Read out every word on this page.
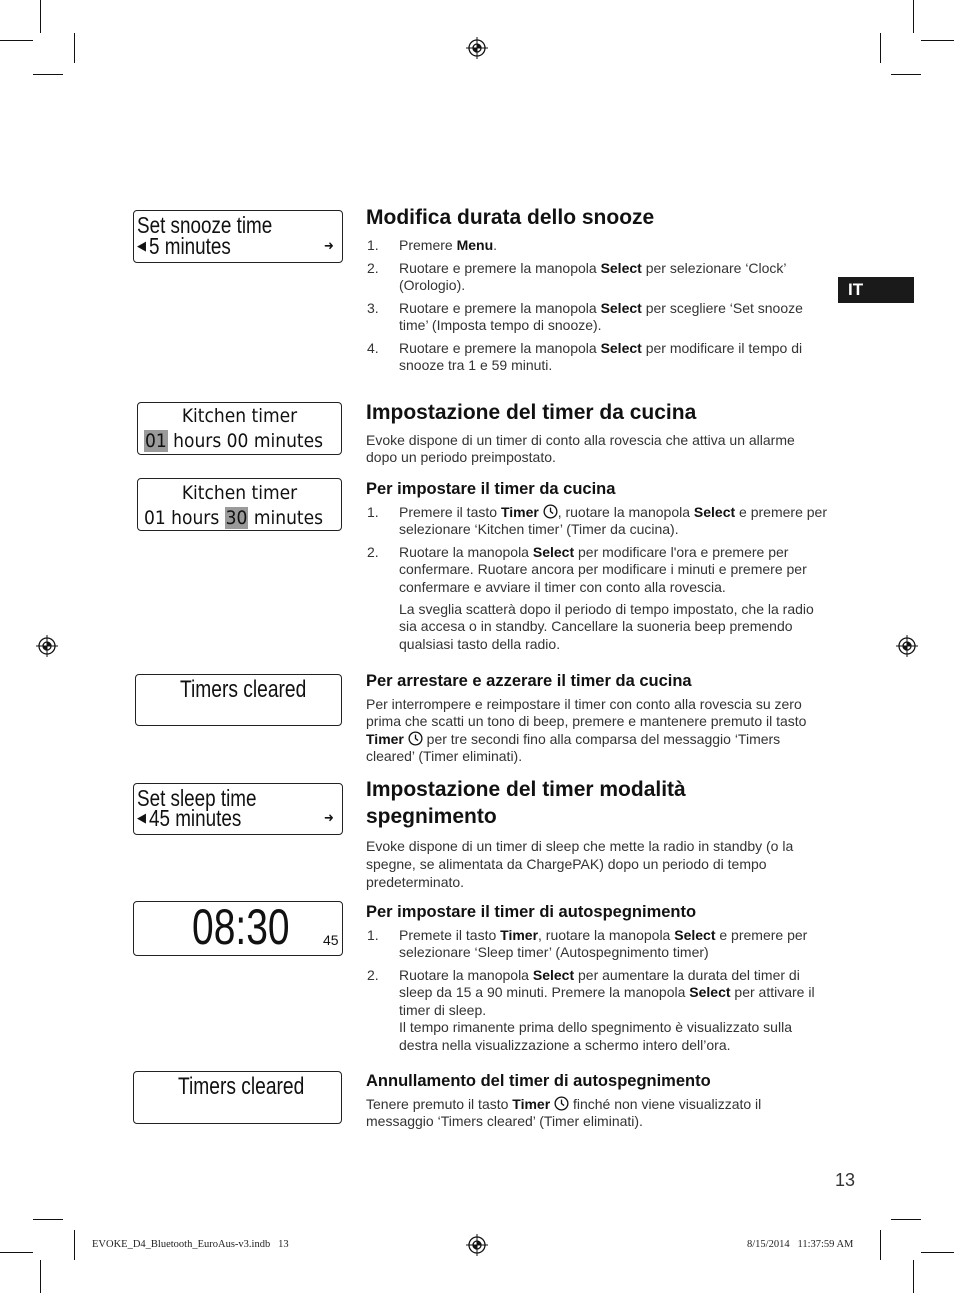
IT
Set snooze time
◀ 5 minutes	➜
Kitchen timer
01 hours 00 minutes
Kitchen timer
01 hours 30 minutes
Timers cleared
Set sleep time
◀ 45 minutes	➜
08:30 45
Timers cleared
Modifica durata dello snooze
1. Premere Menu.
2. Ruotare e premere la manopola Select per selezionare ‘Clock’ (Orologio).
3. Ruotare e premere la manopola Select per scegliere ‘Set snooze time’ (Imposta tempo di snooze).
4. Ruotare e premere la manopola Select per modificare il tempo di snooze tra 1 e 59 minuti.
Impostazione del timer da cucina

Evoke dispone di un timer di conto alla rovescia che attiva un allarme dopo un periodo preimpostato.

Per impostare il timer da cucina
1. Premere il tasto Timer , ruotare la manopola Select e premere per selezionare ‘Kitchen timer’ (Timer da cucina).
2. Ruotare la manopola Select per modificare l'ora e premere per confermare. Ruotare ancora per modificare i minuti e premere per confermare e avviare il timer con conto alla rovescia.

La sveglia scatterà dopo il periodo di tempo impostato, che la radio sia accesa o in standby. Cancellare la suoneria beep premendo qualsiasi tasto della radio.

Per arrestare e azzerare il timer da cucina

Per interrompere e reimpostare il timer con conto alla rovescia su zero prima che scatti un tono di beep, premere e mantenere premuto il tasto Timer  per tre secondi fino alla comparsa del messaggio ‘Timers cleared’ (Timer eliminati).

Impostazione del timer modalità
spegnimento

Evoke dispone di un timer di sleep che mette la radio in standby (o la spegne, se alimentata da ChargePAK) dopo un periodo di tempo predeterminato.

Per impostare il timer di autospegnimento
1. Premete il tasto Timer, ruotare la manopola Select e premere per selezionare ‘Sleep timer’ (Autospegnimento timer)
2. Ruotare la manopola Select per aumentare la durata del timer di sleep da 15 a 90 minuti. Premere la manopola Select per attivare il timer di sleep.
Il tempo rimanente prima dello spegnimento è visualizzato sulla destra nella visualizzazione a schermo intero dell’ora.
Annullamento del timer di autospegnimento

Tenere premuto il tasto Timer  finché non viene visualizzato il messaggio ‘Timers cleared’ (Timer eliminati).

13
EVOKE_D4_Bluetooth_EuroAus-v3.indb   13	8/15/2014   11:37:59 AM
